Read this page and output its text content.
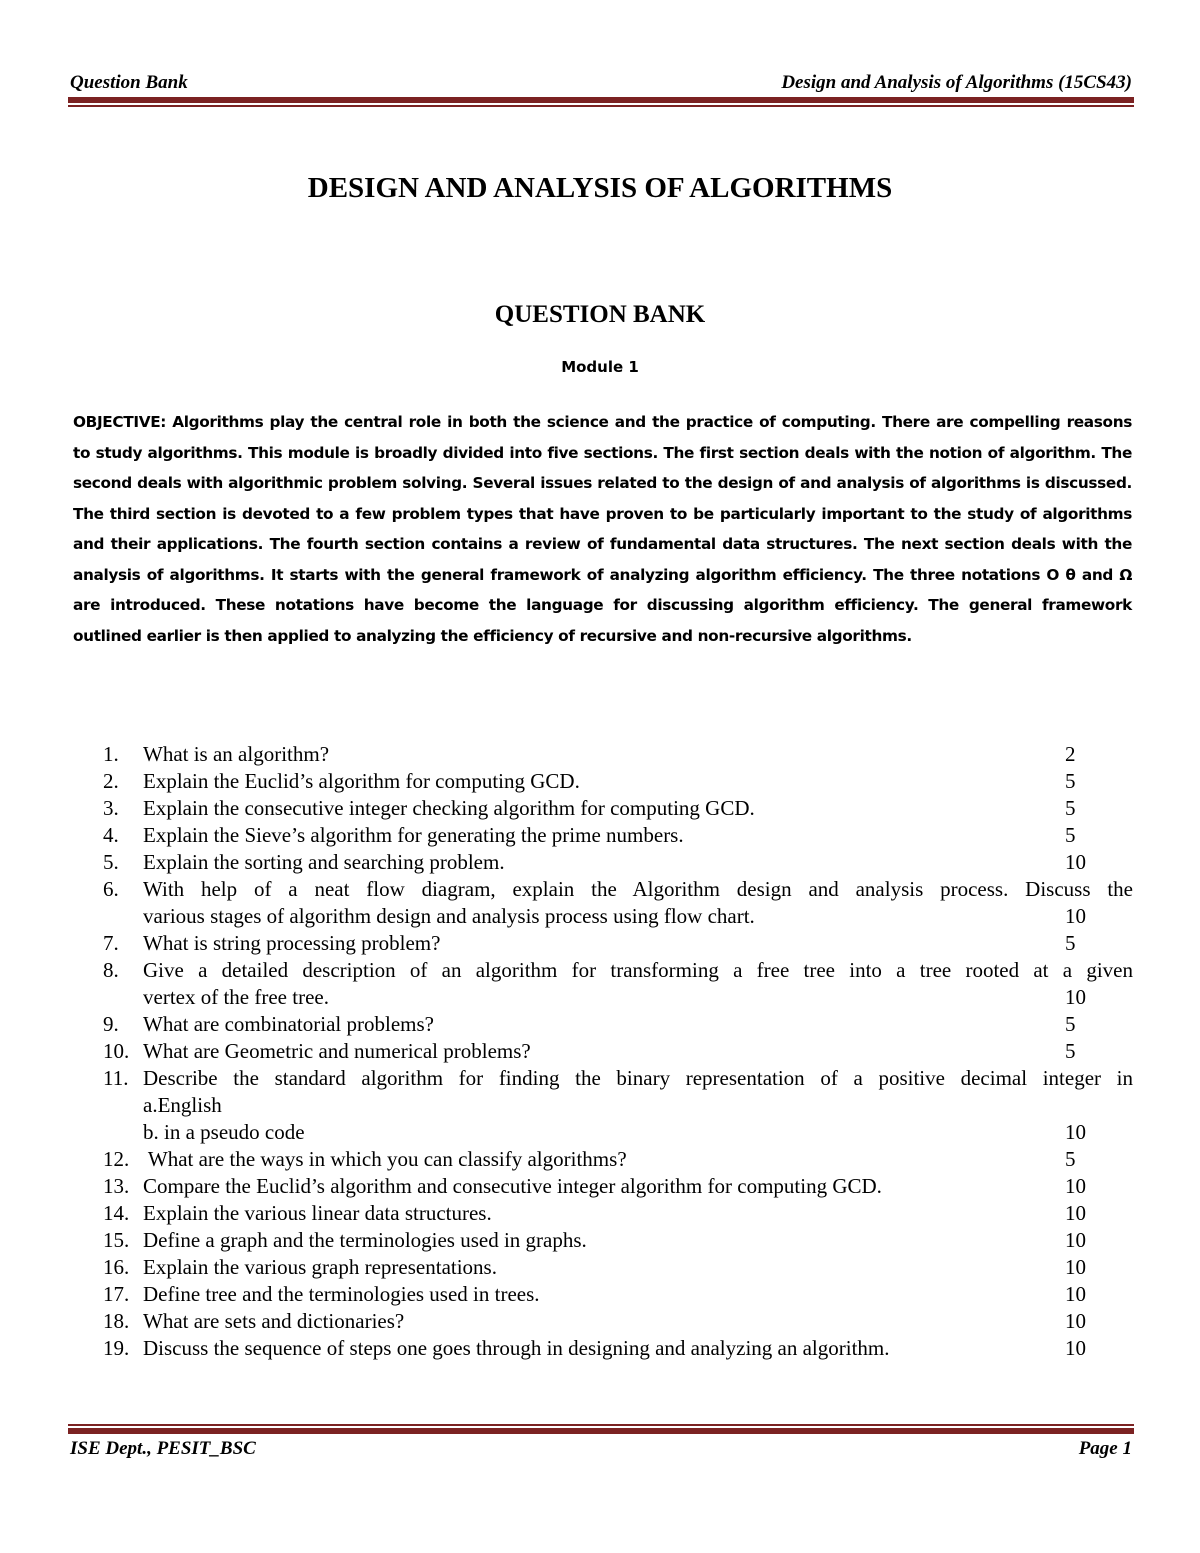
Question Bank	Design and Analysis of Algorithms (15CS43)
DESIGN AND ANALYSIS OF ALGORITHMS
QUESTION BANK
Module 1
OBJECTIVE: Algorithms play the central role in both the science and the practice of computing. There are compelling reasons to study algorithms. This module is broadly divided into five sections. The first section deals with the notion of algorithm. The second deals with algorithmic problem solving. Several issues related to the design of and analysis of algorithms is discussed. The third section is devoted to a few problem types that have proven to be particularly important to the study of algorithms and their applications. The fourth section contains a review of fundamental data structures. The next section deals with the analysis of algorithms. It starts with the general framework of analyzing algorithm efficiency. The three notations O θ and Ω are introduced. These notations have become the language for discussing algorithm efficiency. The general framework outlined earlier is then applied to analyzing the efficiency of recursive and non-recursive algorithms.
1. What is an algorithm?	2
2. Explain the Euclid’s algorithm for computing GCD.	5
3. Explain the consecutive integer checking algorithm for computing GCD.	5
4. Explain the Sieve’s algorithm for generating the prime numbers.	5
5. Explain the sorting and searching problem.	10
6. With help of a neat flow diagram, explain the Algorithm design and analysis process. Discuss the
various stages of algorithm design and analysis process using flow chart.	10
7. What is string processing problem?	5
8. Give a detailed description of an algorithm for transforming a free tree into a tree rooted at a given
vertex of the free tree.	10
9. What are combinatorial problems?	5
10. What are Geometric and numerical problems?	5
11. Describe the standard algorithm for finding the binary representation of a positive decimal integer in
a.English
b. in a pseudo code	10
12. What are the ways in which you can classify algorithms?	5
13. Compare the Euclid’s algorithm and consecutive integer algorithm for computing GCD.	10
14. Explain the various linear data structures.	10
15. Define a graph and the terminologies used in graphs.	10
16. Explain the various graph representations.	10
17. Define tree and the terminologies used in trees.	10
18. What are sets and dictionaries?	10
19. Discuss the sequence of steps one goes through in designing and analyzing an algorithm.	10
ISE Dept., PESIT_BSC	Page 1
